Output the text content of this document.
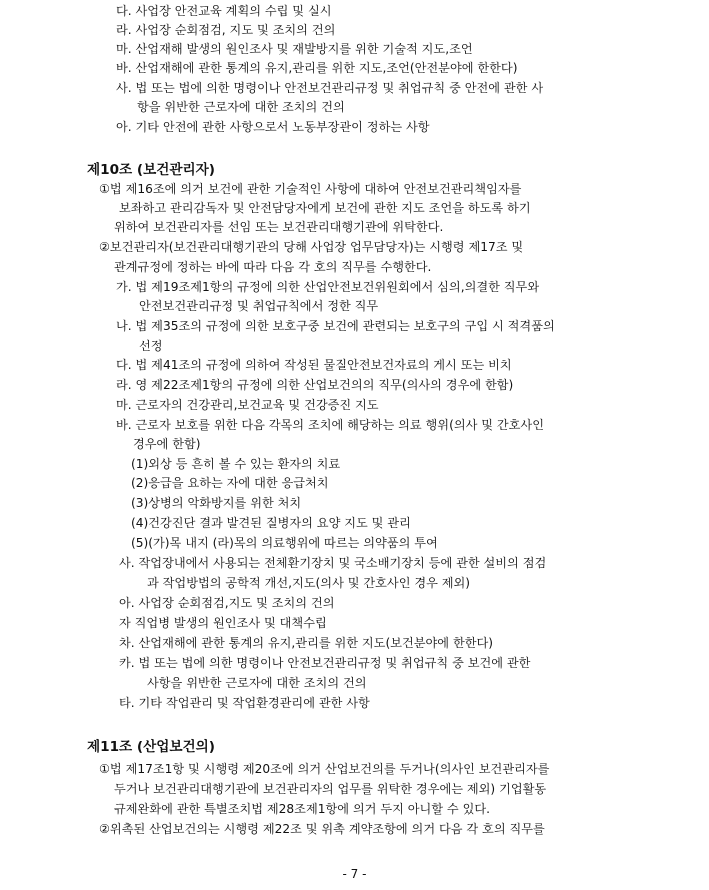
다. 사업장 안전교육 계획의 수립 및 실시
라. 사업장 순회점검, 지도 및 조치의 건의
마. 산업재해 발생의 원인조사 및 재발방지를 위한 기술적 지도,조언
바. 산업재해에 관한 통계의 유지,관리를 위한 지도,조언(안전분야에 한한다)
사. 법 또는 법에 의한 명령이나 안전보건관리규정 및 취업규칙 중 안전에 관한 사
항을 위반한 근로자에 대한 조치의 건의
아. 기타 안전에 관한 사항으로서 노동부장관이 정하는 사항
제10조 (보건관리자)
①법 제16조에 의거 보건에 관한 기술적인 사항에 대하여 안전보건관리책임자를
보좌하고 관리감독자 및 안전담당자에게 보건에 관한 지도 조언을 하도록 하기
위하여 보건관리자를 선임 또는 보건관리대행기관에 위탁한다.
②보건관리자(보건관리대행기관의 당해 사업장 업무담당자)는 시행령 제17조 및
관계규정에 정하는 바에 따라 다음 각 호의 직무를 수행한다.
가. 법 제19조제1항의 규정에 의한 산업안전보건위원회에서 심의,의결한 직무와
안전보건관리규정 및 취업규칙에서 정한 직무
나. 법 제35조의 규정에 의한 보호구중 보건에 관련되는 보호구의 구입 시 적격품의
선정
다. 법 제41조의 규정에 의하여 작성된 물질안전보건자료의 게시 또는 비치
라. 영 제22조제1항의 규정에 의한 산업보건의의 직무(의사의 경우에 한함)
마. 근로자의 건강관리,보건교육 및 건강증진 지도
바. 근로자 보호를 위한 다음 각목의 조치에 해당하는 의료 행위(의사 및 간호사인
경우에 한함)
(1)외상 등 흔히 볼 수 있는 환자의 치료
(2)응급을 요하는 자에 대한 응급처치
(3)상병의 악화방지를 위한 처치
(4)건강진단 결과 발견된 질병자의 요양 지도 및 관리
(5)(가)목 내지 (라)목의 의료행위에 따르는 의약품의 투여
사. 작업장내에서 사용되는 전체환기장치 및 국소배기장치 등에 관한 설비의 점검
과 작업방법의 공학적 개선,지도(의사 및 간호사인 경우 제외)
아. 사업장 순회점검,지도 및 조치의 건의
자 직업병 발생의 원인조사 및 대책수립
차. 산업재해에 관한 통계의 유지,관리를 위한 지도(보건분야에 한한다)
카. 법 또는 법에 의한 명령이나 안전보건관리규정 및 취업규칙 중 보건에 관한
사항을 위반한 근로자에 대한 조치의 건의
타. 기타 작업관리 및 작업환경관리에 관한 사항
제11조 (산업보건의)
①법 제17조1항 및 시행령 제20조에 의거 산업보건의를 두거나(의사인 보건관리자를
두거나 보건관리대행기관에 보건관리자의 업무를 위탁한 경우에는 제외) 기업활동
규제완화에 관한 특별조치법 제28조제1항에 의거 두지 아니할 수 있다.
②위촉된 산업보건의는 시행령 제22조 및 위촉 계약조항에 의거 다음 각 호의 직무를
- 7 -
